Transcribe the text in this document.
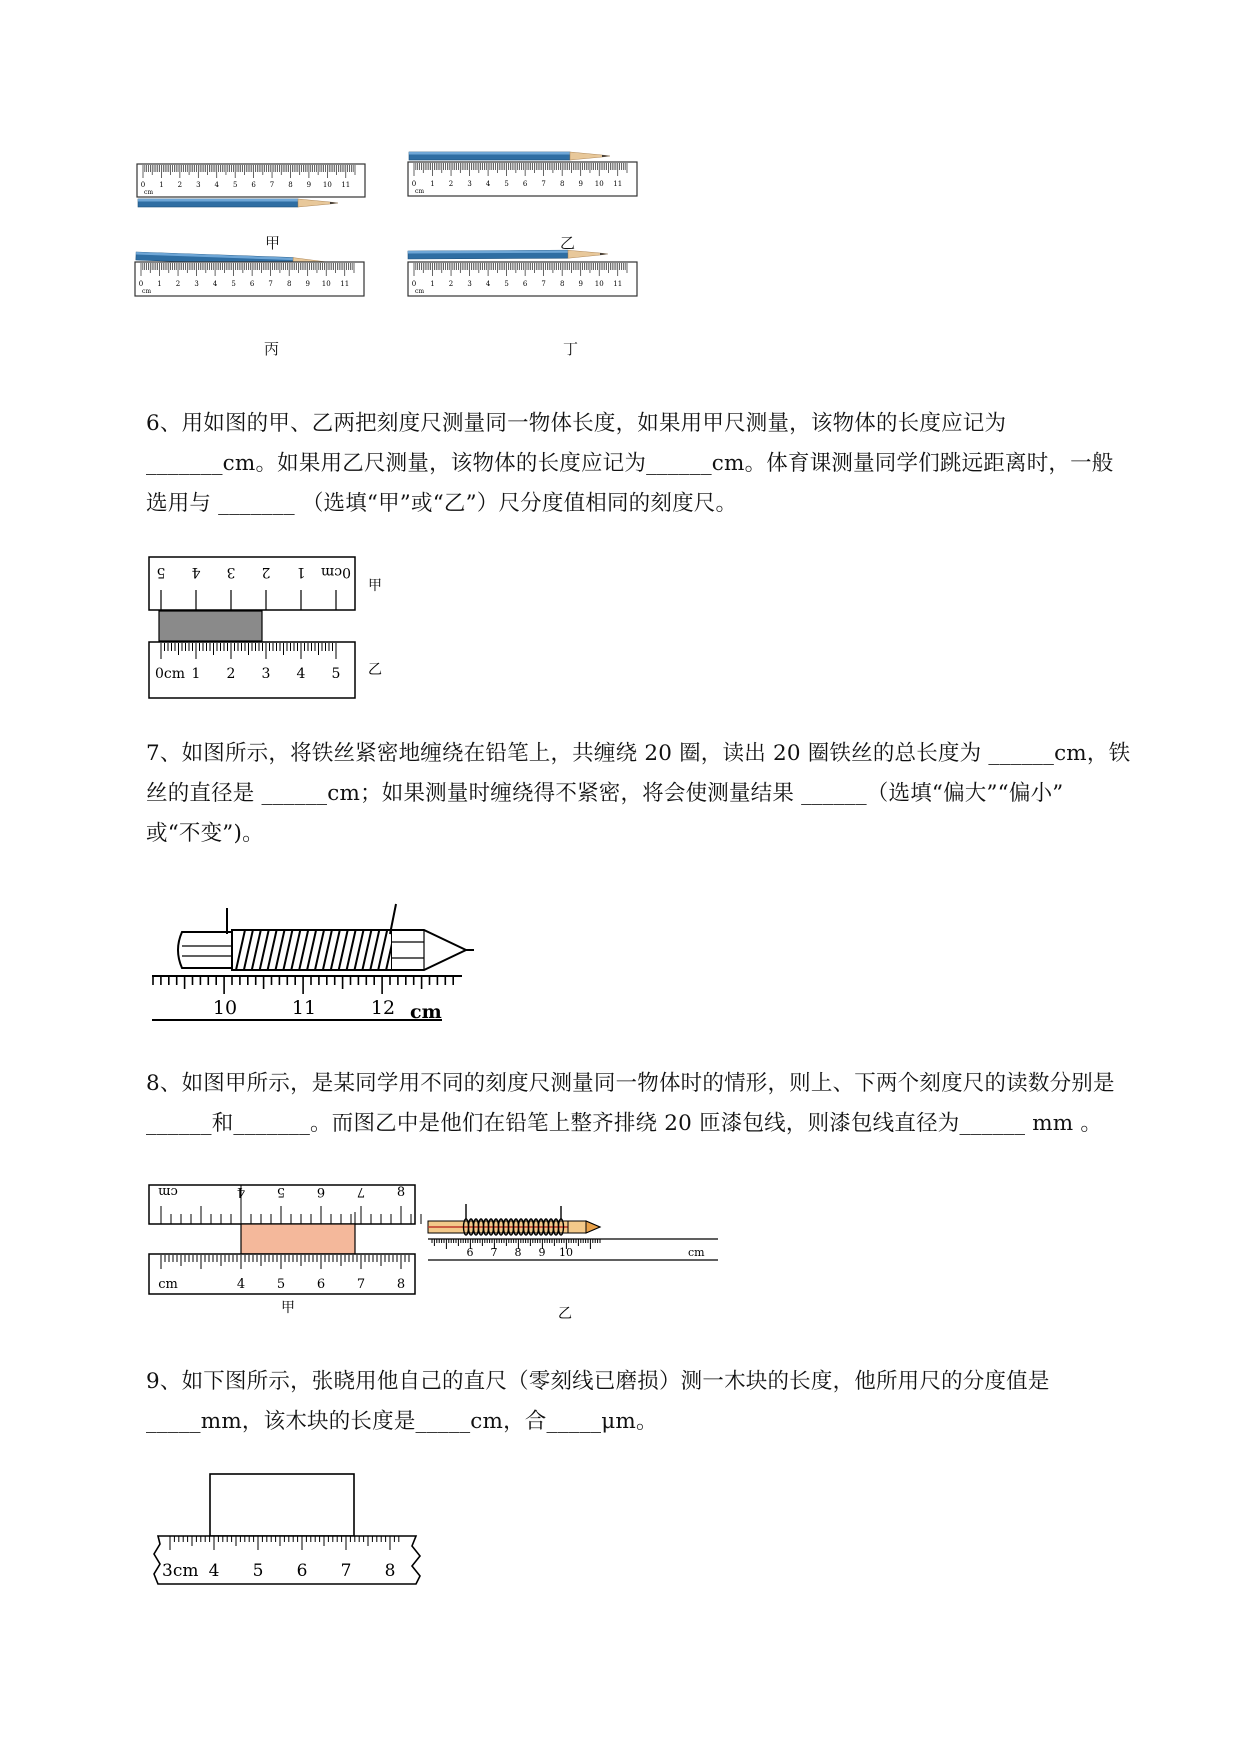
0 1 2 3 4 5 6 7 8 9 10 11
cm
0 1 2 3 4 5 6 7 8 9 10 11
cm
0 1 2 3 4 5 6 7 8 9 10 11
cm
0 1 2 3 4 5 6 7 8 9 10 11
cm
甲	乙
丙	丁

6、用如图的甲、乙两把刻度尺测量同一物体长度，如果用甲尺测量，该物体的长度应记为

_______cm。如果用乙尺测量，该物体的长度应记为______cm。体育课测量同学们跳远距离时，一般

选用与 _______ （选填“甲”或“乙”）尺分度值相同的刻度尺。

5 4 3 2 1 0cm
0cm 1 2 3 4 5
甲
乙

7、如图所示，将铁丝紧密地缠绕在铅笔上，共缠绕 20 圈，读出 20 圈铁丝的总长度为 ______cm，铁

丝的直径是 ______cm；如果测量时缠绕得不紧密，将会使测量结果 ______（选填“偏大”“偏小”

或“不变”)。

10	11	12 cm

8、如图甲所示，是某同学用不同的刻度尺测量同一物体时的情形，则上、下两个刻度尺的读数分别是

______和_______。而图乙中是他们在铅笔上整齐排绕 20 匝漆包线，则漆包线直径为______ mm 。

cm	4 5 6 7 8
cm	4 5 6 7 8
甲
6 7 8 9 10	cm
乙

9、如下图所示，张晓用他自己的直尺（零刻线已磨损）测一木块的长度，他所用尺的分度值是

_____mm，该木块的长度是_____cm，合_____μm。

3cm 4 5 6 7 8
